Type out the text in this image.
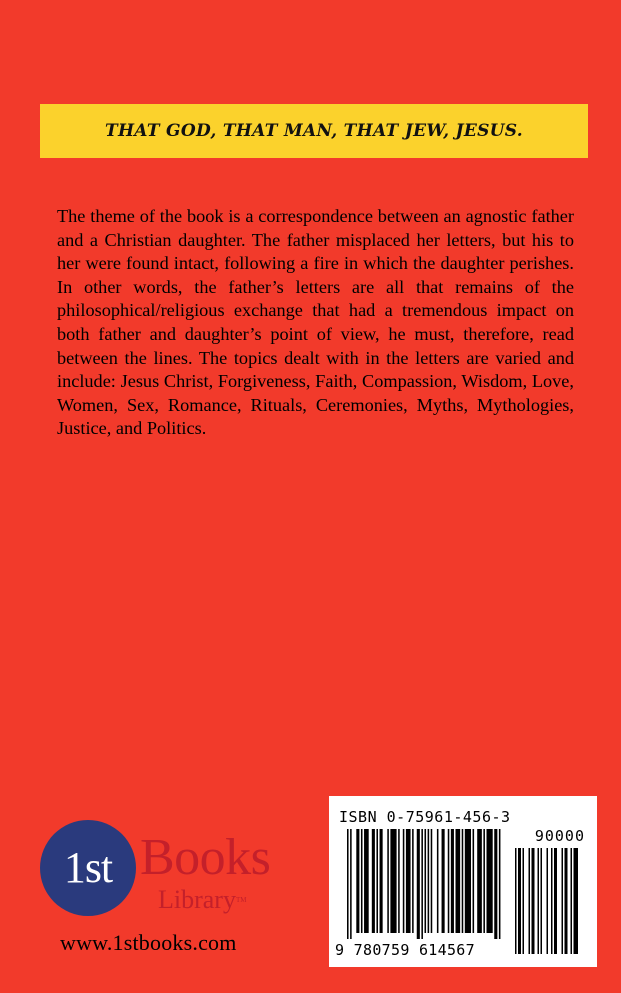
THAT GOD, THAT MAN, THAT JEW, JESUS.

The theme of the book is a correspondence between an agnostic father and a Christian daughter. The father misplaced her letters, but his to her were found intact, following a fire in which the daughter perishes. In other words, the father’s letters are all that remains of the philosophical/religious exchange that had a tremendous impact on both father and daughter’s point of view, he must, therefore, read between the lines. The topics dealt with in the letters are varied and include: Jesus Christ, Forgiveness, Faith, Compassion, Wisdom, Love, Women, Sex, Romance, Rituals, Ceremonies, Myths, Mythologies, Justice, and Politics.

1st Books
Library™
www.1stbooks.com
ISBN 0-75961-456-3
90000
9 780759 614567
